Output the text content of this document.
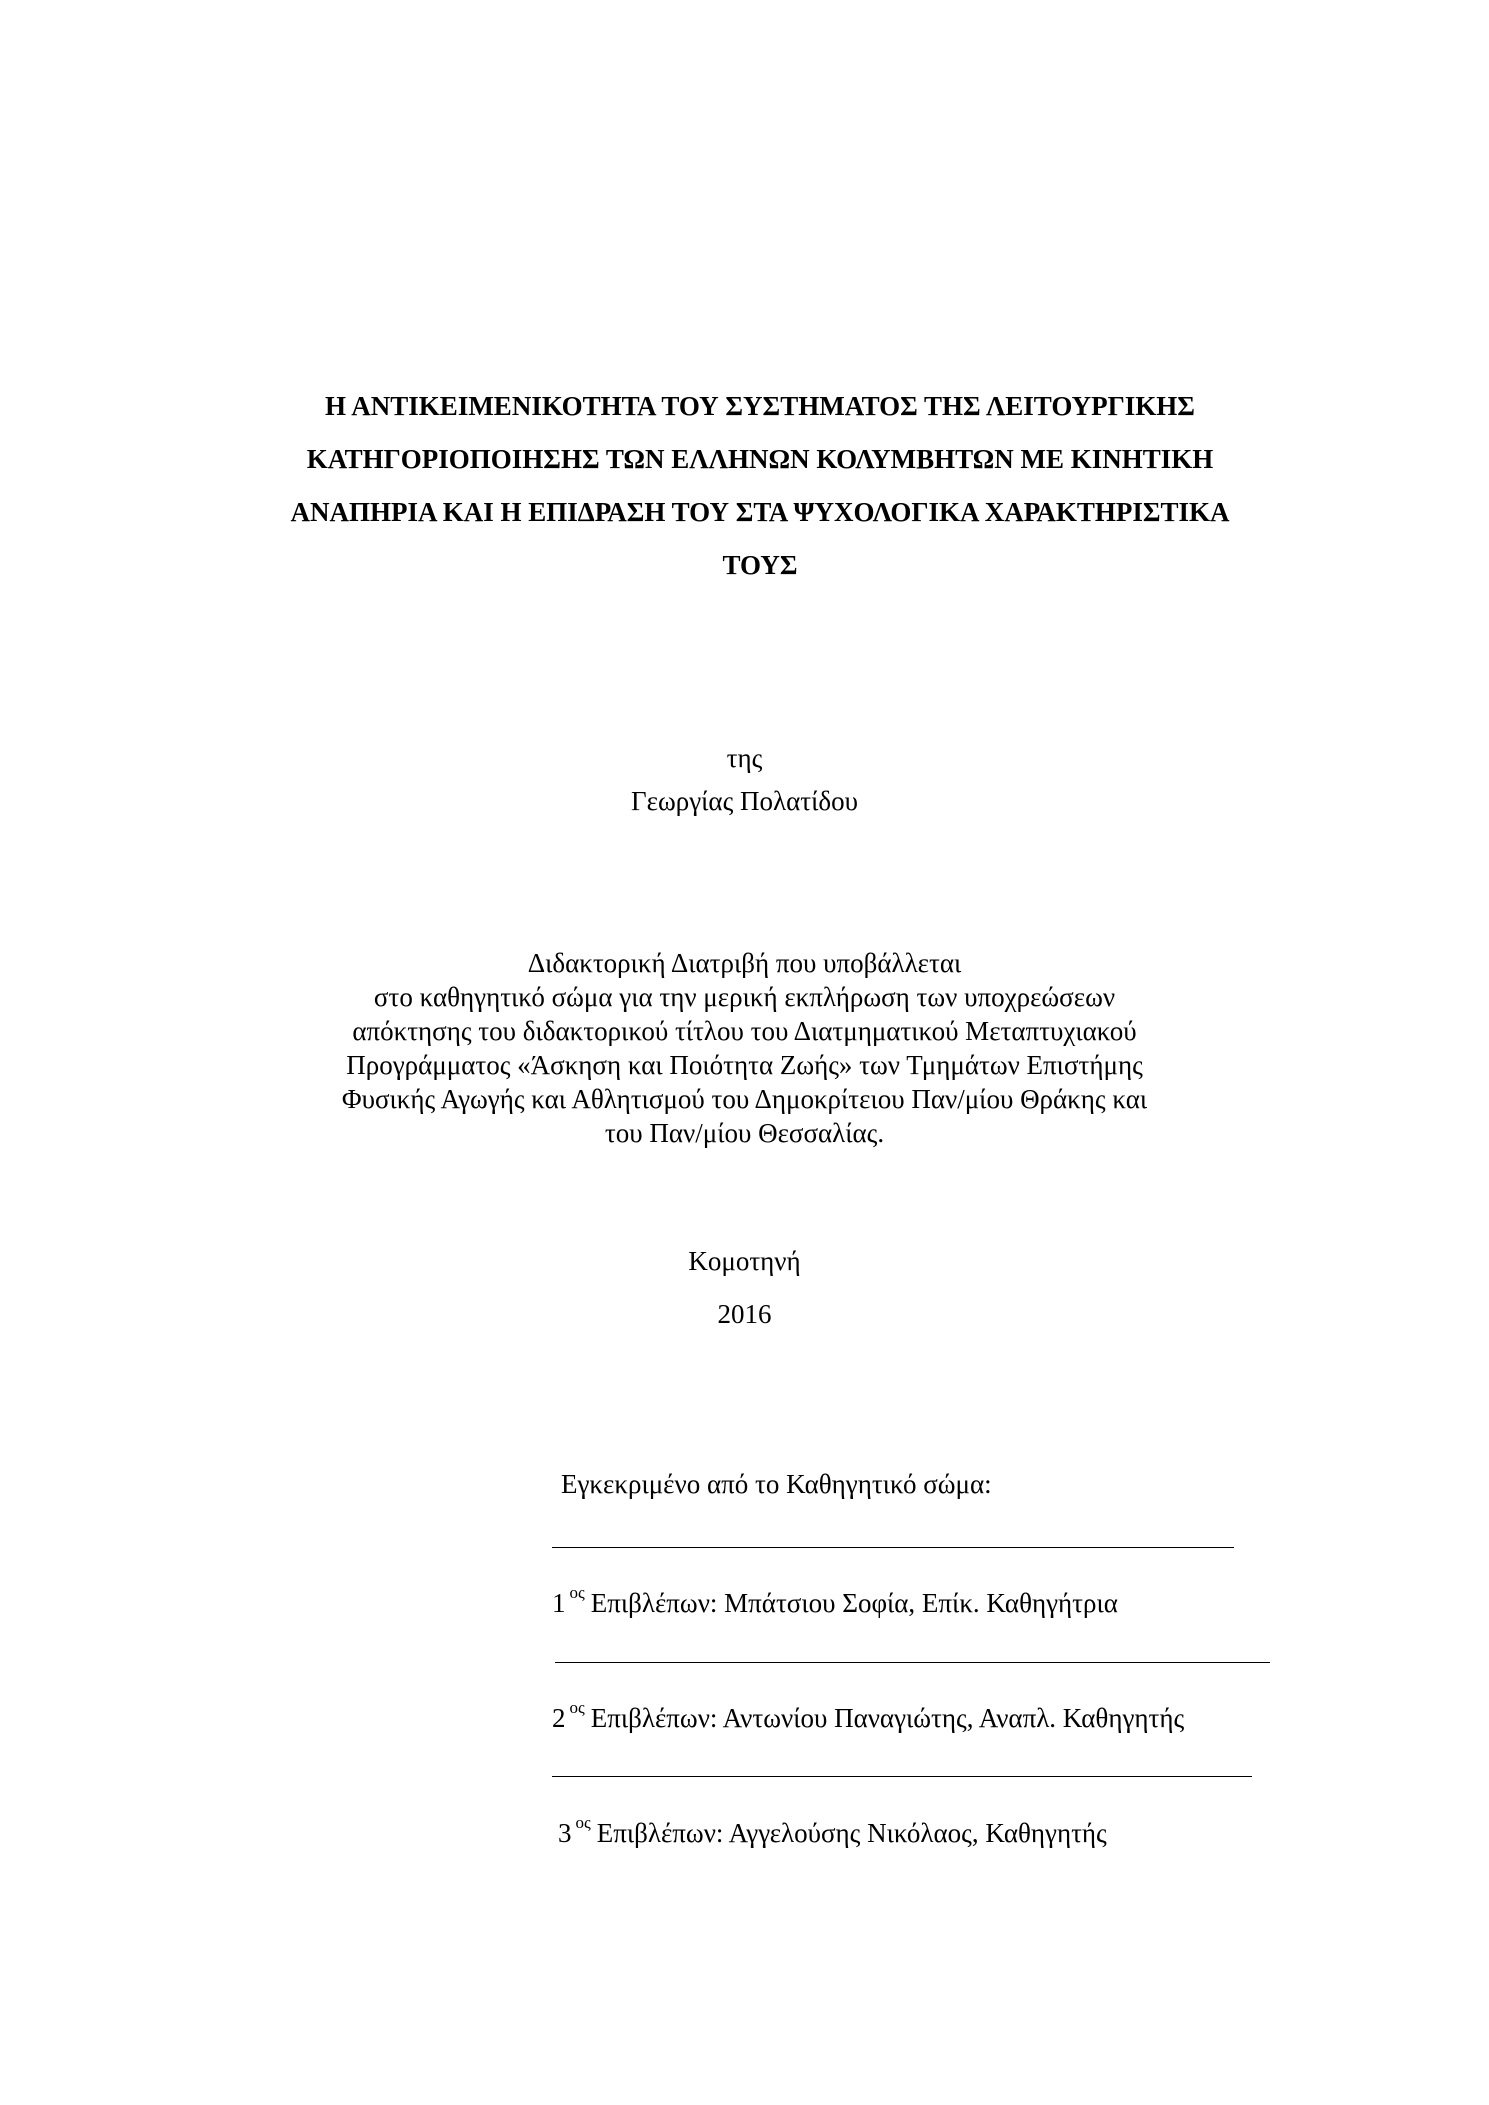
Η ΑΝΤΙΚΕΙΜΕΝΙΚΟΤΗΤΑ ΤΟΥ ΣΥΣΤΗΜΑΤΟΣ ΤΗΣ ΛΕΙΤΟΥΡΓΙΚΗΣ
ΚΑΤΗΓΟΡΙΟΠΟΙΗΣΗΣ ΤΩΝ ΕΛΛΗΝΩΝ ΚΟΛΥΜΒΗΤΩΝ ΜΕ ΚΙΝΗΤΙΚΗ
ΑΝΑΠΗΡΙΑ ΚΑΙ Η ΕΠΙΔΡΑΣΗ ΤΟΥ ΣΤΑ ΨΥΧΟΛΟΓΙΚΑ ΧΑΡΑΚΤΗΡΙΣΤΙΚΑ
ΤΟΥΣ
της
Γεωργίας Πολατίδου
Διδακτορική Διατριβή που υποβάλλεται
στο καθηγητικό σώμα για την μερική εκπλήρωση των υποχρεώσεων
απόκτησης του διδακτορικού τίτλου του Διατμηματικού Μεταπτυχιακού
Προγράμματος «Άσκηση και Ποιότητα Ζωής» των Τμημάτων Επιστήμης
Φυσικής Αγωγής και Αθλητισμού του Δημοκρίτειου Παν/μίου Θράκης και
του Παν/μίου Θεσσαλίας.
Κομοτηνή
2016
Εγκεκριμένο από το Καθηγητικό σώμα:
1 $^{o\varsigma}$ Επιβλέπων: Μπάτσιου Σοφία, Επίκ. Καθηγήτρια
2 $^{o\varsigma}$ Επιβλέπων: Αντωνίου Παναγιώτης, Αναπλ. Καθηγητής
3 $^{o\varsigma}$ Επιβλέπων: Αγγελούσης Νικόλαος, Καθηγητής
